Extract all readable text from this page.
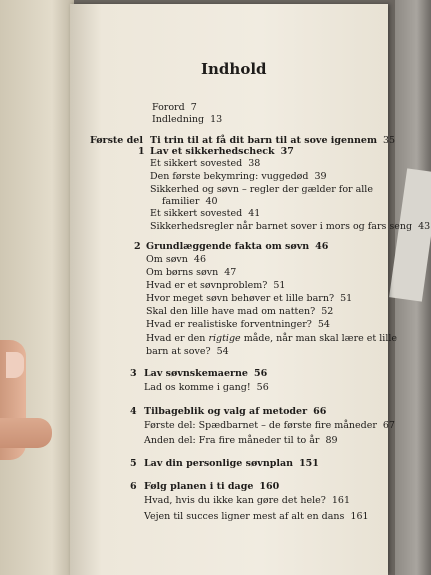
Indhold
Forord 7
Indledning 13
Første del Ti trin til at få dit barn til at sove igennem 35
1 Lav et sikkerhedscheck 37
Et sikkert sovested 38
Den første bekymring: vuggedød 39
Sikkerhed og søvn – regler der gælder for alle
familier 40
Et sikkert sovested 41
Sikkerhedsregler når barnet sover i mors og fars seng 43
2 Grundlæggende fakta om søvn 46
Om søvn 46
Om børns søvn 47
Hvad er et søvnproblem? 51
Hvor meget søvn behøver et lille barn? 51
Skal den lille have mad om natten? 52
Hvad er realistiske forventninger? 54
Hvad er den rigtige måde, når man skal lære et lille
barn at sove? 54
3 Lav søvnskemaerne 56
Lad os komme i gang! 56
4 Tilbageblik og valg af metoder 66
Første del: Spædbarnet – de første fire måneder 67
Anden del: Fra fire måneder til to år 89
5 Lav din personlige søvnplan 151
6 Følg planen i ti dage 160
Hvad, hvis du ikke kan gøre det hele? 161
Vejen til succes ligner mest af alt en dans 161
